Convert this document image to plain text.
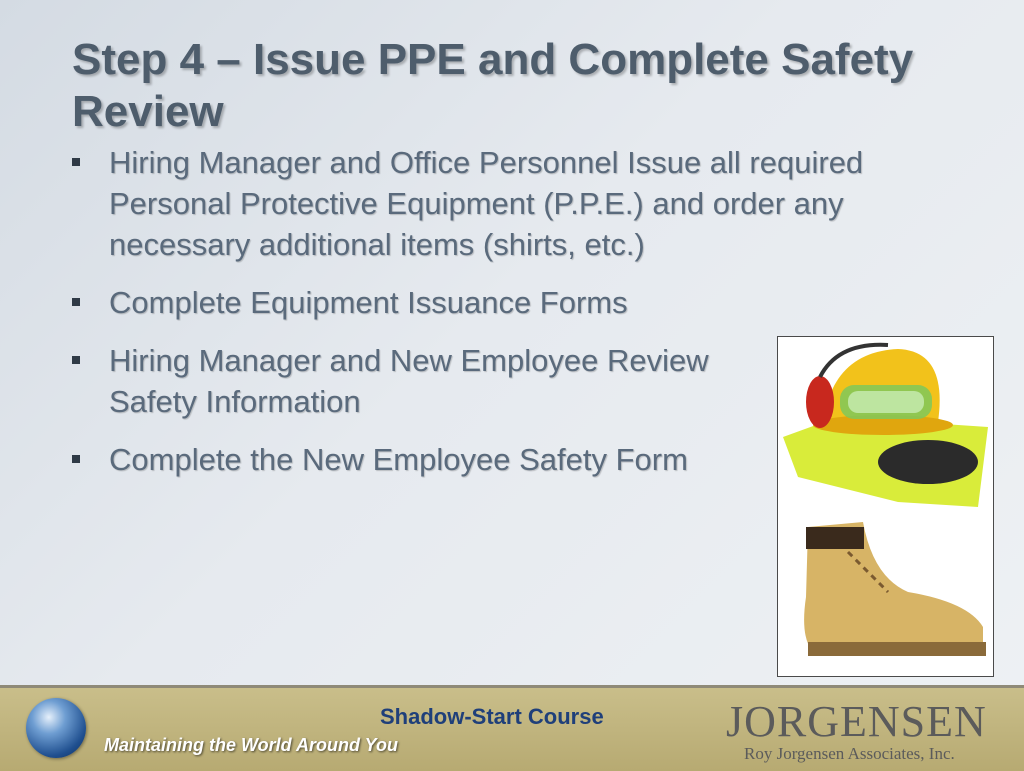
Step 4 – Issue PPE and Complete Safety Review
Hiring Manager and Office Personnel Issue all required Personal Protective Equipment (P.P.E.) and order any necessary additional items (shirts, etc.)
Complete Equipment Issuance Forms
Hiring Manager and New Employee Review Safety Information
Complete the New Employee Safety Form
Maintaining the World Around You
Shadow-Start Course	JORGENSEN
Roy Jorgensen Associates, Inc.
